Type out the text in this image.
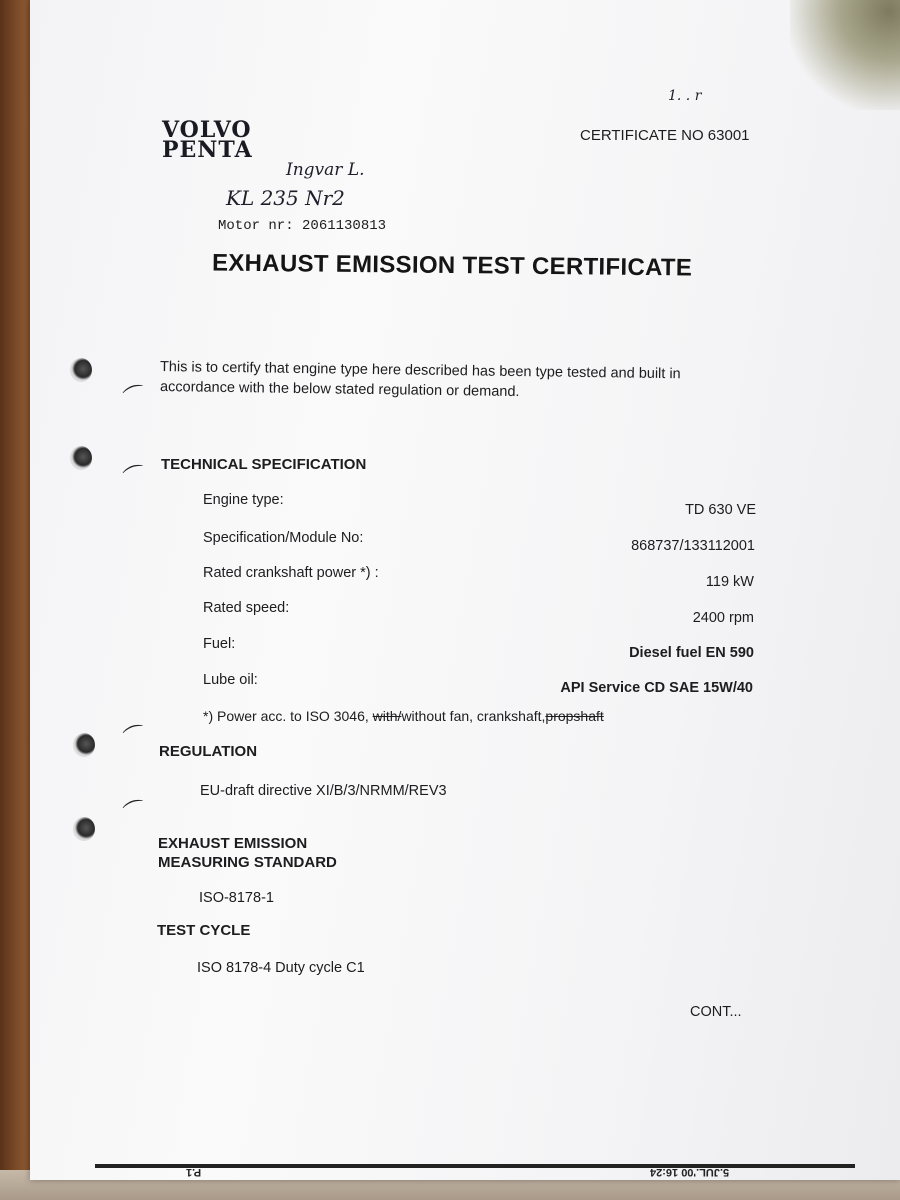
⌒
⌒
⌒
⌒
VOLVO
PENTA
CERTIFICATE NO 63001
1. . r
Ingvar L.
KL 235 Nr2
Motor nr: 2061130813
EXHAUST EMISSION TEST CERTIFICATE
This is to certify that engine type here described has been type tested and built in
accordance with the below stated regulation or demand.
TECHNICAL SPECIFICATION
Engine type:
TD 630 VE
Specification/Module No:	868737/133112001
Rated crankshaft power *) :
119 kW
Rated speed:
2400 rpm
Fuel:
Diesel fuel EN 590
Lube oil:	API Service CD SAE 15W/40
*) Power acc. to ISO 3046, with/without fan, crankshaft,propshaft
REGULATION
EU-draft directive XI/B/3/NRMM/REV3
EXHAUST EMISSION
MEASURING STANDARD
ISO-8178-1
TEST CYCLE
ISO 8178-4 Duty cycle C1
CONT...
P.1	5.JUL.'00 16:24
